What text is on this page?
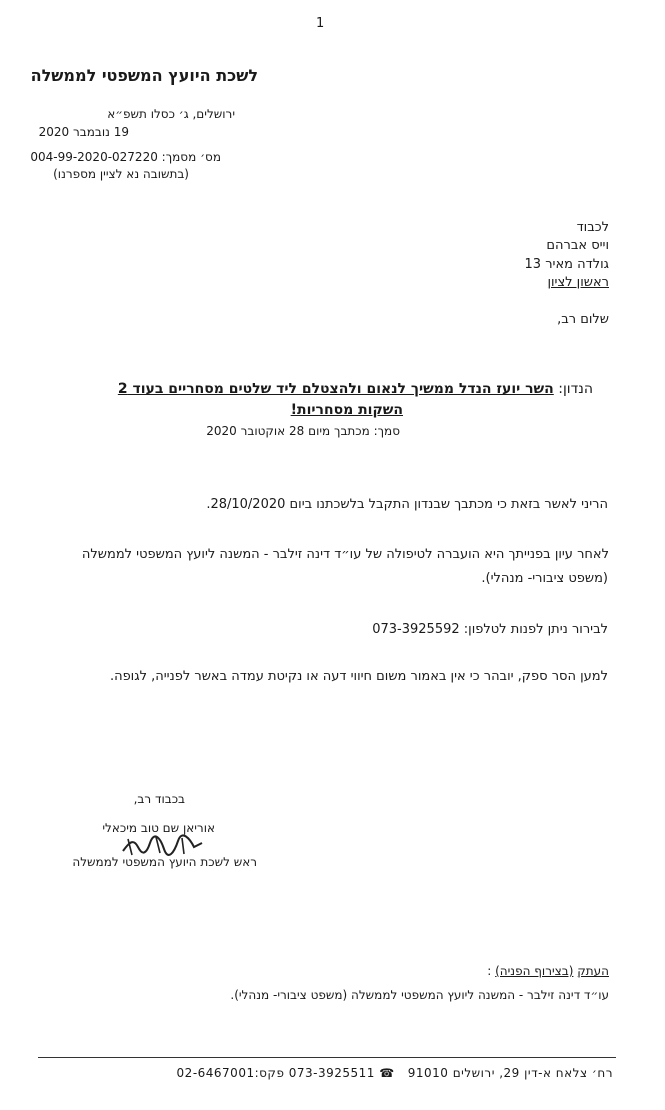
1
לשכת היועץ המשפטי לממשלה
ירושלים, ג׳ כסלו תשפ״א
19 נובמבר 2020
מס׳ מסמך: 004-99-2020-027220
(בתשובה נא לציין מספרנו)
לכבוד
וייס אברהם
גולדה מאיר 13
ראשון לציון
שלום רב,
הנדון: השר יועז הנדל ממשיך לנאום ולהצטלם ליד שלטים מסחריים בעוד 2
השקות מסחריות!
סמך: מכתבך מיום 28 אוקטובר 2020
הריני לאשר בזאת כי מכתבך שבנדון התקבל בלשכתנו ביום 28/10/2020.
לאחר עיון בפנייתך היא הועברה לטיפולה של עו״ד דינה זילבר - המשנה ליועץ המשפטי לממשלה
(משפט ציבורי- מנהלי).
לבירור ניתן לפנות לטלפון: 073-3925592
למען הסר ספק, יובהר כי אין באמור משום חיווי דעה או נקיטת עמדה באשר לפנייה, לגופה.
בכבוד רב,
אוריאן שם טוב מיכאלי
ראש לשכת היועץ המשפטי לממשלה
העתק (בצירוף הפניה) :
עו״ד דינה זילבר - המשנה ליועץ המשפטי לממשלה (משפט ציבורי- מנהלי).
רח׳ צלאח א-דין 29, ירושלים 91010   ☎ 073-3925511 פקס:02-6467001
